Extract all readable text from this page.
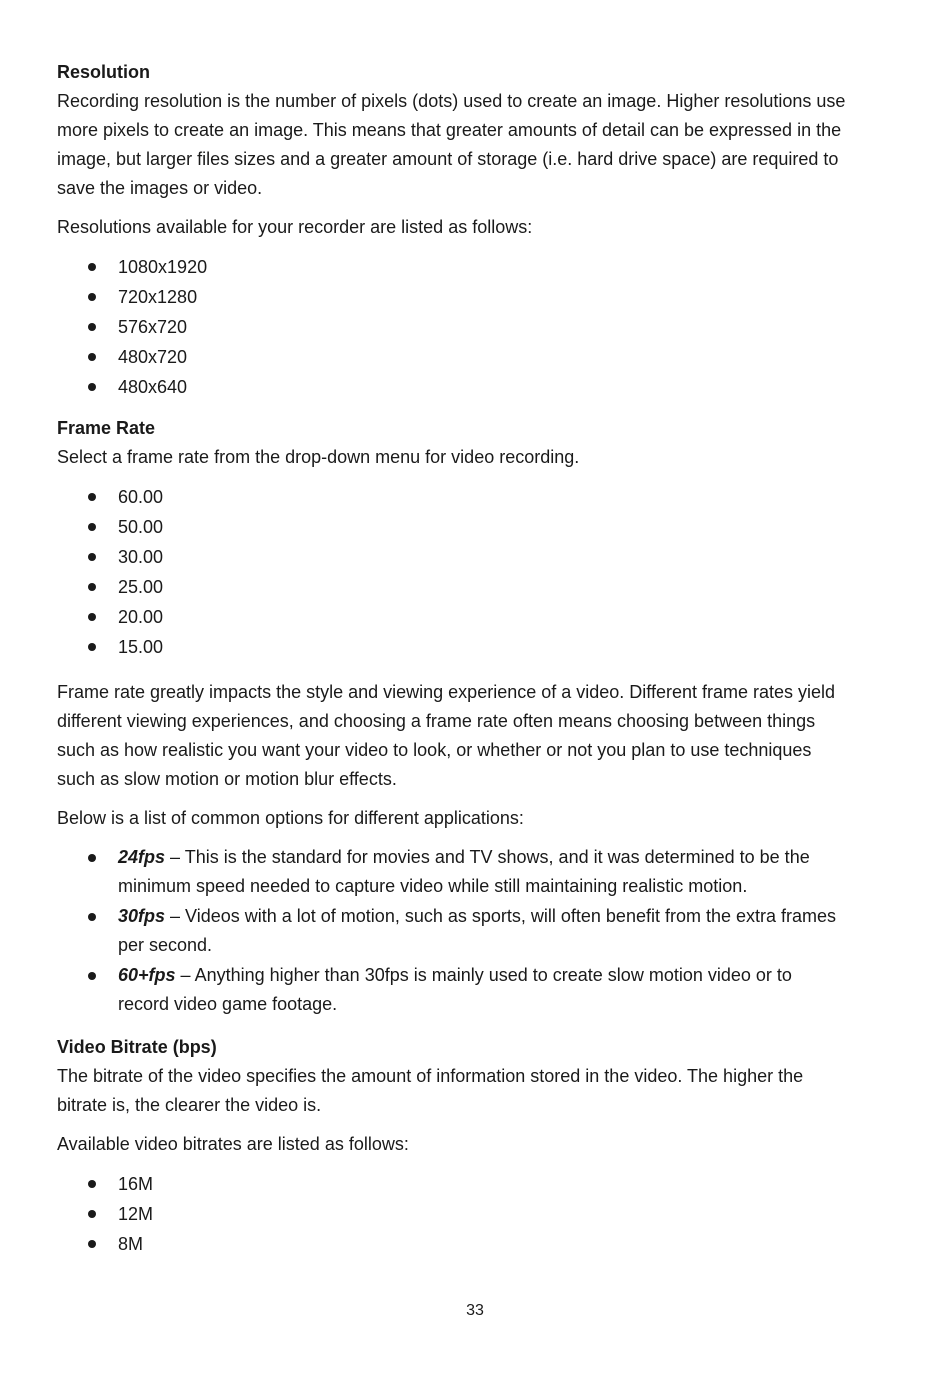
Resolution

Recording resolution is the number of pixels (dots) used to create an image. Higher resolutions use more pixels to create an image. This means that greater amounts of detail can be expressed in the image, but larger files sizes and a greater amount of storage (i.e. hard drive space) are required to save the images or video.

Resolutions available for your recorder are listed as follows:

1080x1920
720x1280
576x720
480x720
480x640

Frame Rate

Select a frame rate from the drop-down menu for video recording.

60.00
50.00
30.00
25.00
20.00
15.00

Frame rate greatly impacts the style and viewing experience of a video. Different frame rates yield different viewing experiences, and choosing a frame rate often means choosing between things such as how realistic you want your video to look, or whether or not you plan to use techniques such as slow motion or motion blur effects.

Below is a list of common options for different applications:

24fps – This is the standard for movies and TV shows, and it was determined to be the minimum speed needed to capture video while still maintaining realistic motion.
30fps – Videos with a lot of motion, such as sports, will often benefit from the extra frames per second.
60+fps – Anything higher than 30fps is mainly used to create slow motion video or to record video game footage.

Video Bitrate (bps)

The bitrate of the video specifies the amount of information stored in the video. The higher the bitrate is, the clearer the video is.

Available video bitrates are listed as follows:

16M
12M
8M
33
